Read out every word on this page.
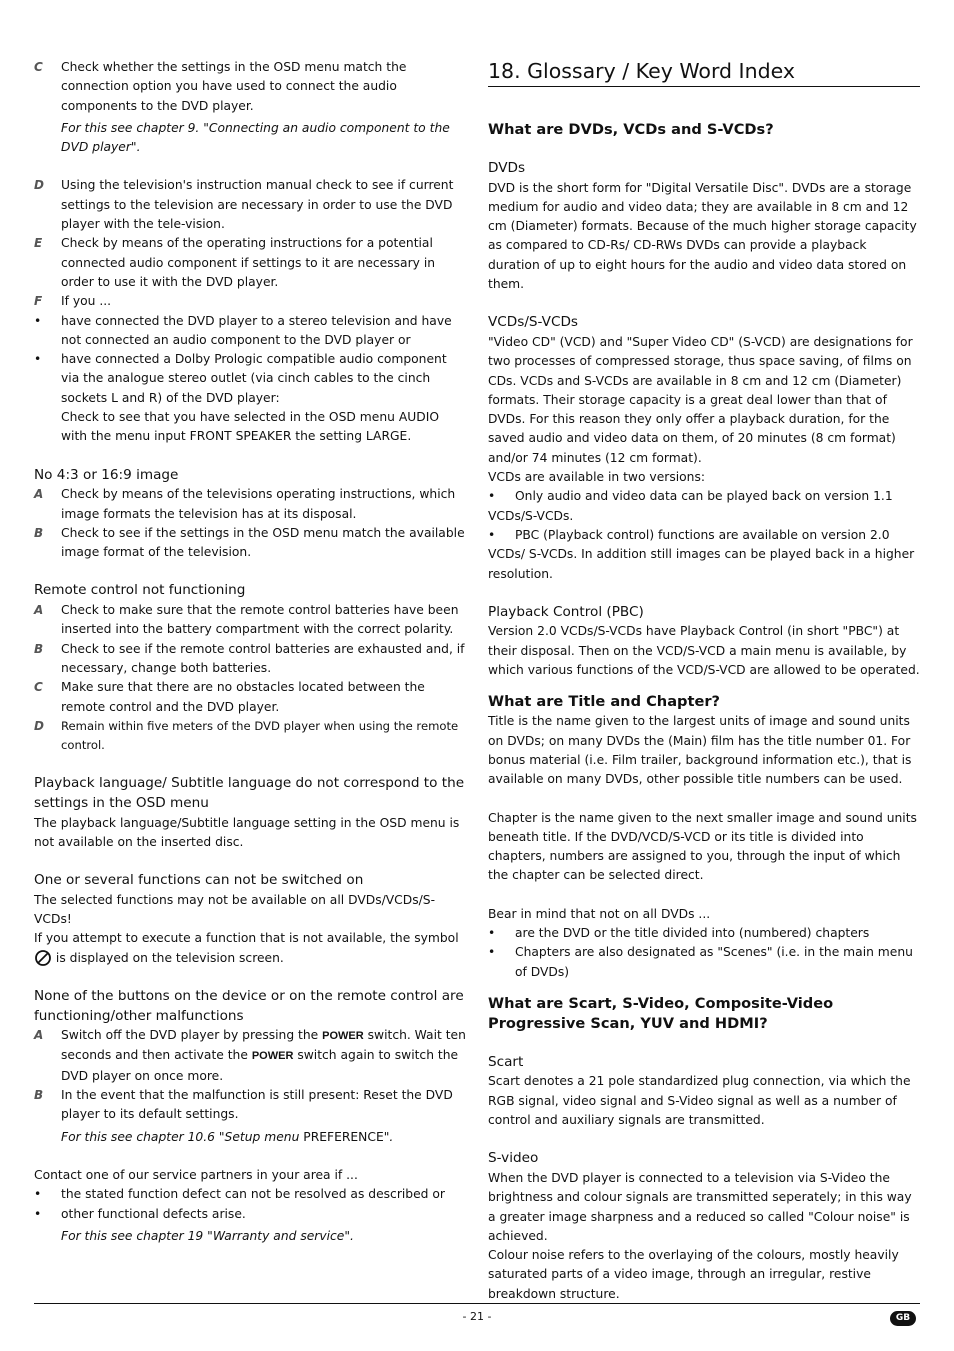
C	Check whether the settings in the OSD menu match the connection option you have used to connect the audio components to the DVD player.
For this see chapter 9. "Connecting an audio component to the DVD player".
D	Using the television's instruction manual check to see if current settings to the television are necessary in order to use the DVD player with the tele-vision.
E	Check by means of the operating instructions for a potential connected audio component if settings to it are necessary in order to use it with the DVD player.
F	If you ...
•	have connected the DVD player to a stereo television and have not connected an audio component to the DVD player or
•	have connected a Dolby Prologic compatible audio component via the analogue stereo outlet (via cinch cables to the cinch sockets L and R) of the DVD player:
Check to see that you have selected in the OSD menu AUDIO with the menu input FRONT SPEAKER the setting LARGE.
No 4:3 or 16:9 image
A	Check by means of the televisions operating instructions, which image formats the television has at its disposal.
B	Check to see if the settings in the OSD menu match the available image format of the television.
Remote control not functioning
A	Check to make sure that the remote control batteries have been inserted into the battery compartment with the correct polarity.
B	Check to see if the remote control batteries are exhausted and, if necessary, change both batteries.
C	Make sure that there are no obstacles located between the remote control and the DVD player.
D	Remain within five meters of the DVD player when using the remote control.
Playback language/ Subtitle language do not correspond to the settings in the OSD menu
The playback language/Subtitle language setting in the OSD menu is not available on the inserted disc.
One or several functions can not be switched on
The selected functions may not be available on all DVDs/VCDs/S-VCDs!
If you attempt to execute a function that is not available, the symbol  is displayed on the television screen.
None of the buttons on the device or on the remote control are functioning/other malfunctions
A	Switch off the DVD player by pressing the POWER switch. Wait ten seconds and then activate the POWER switch again to switch the DVD player on once more.
B	In the event that the malfunction is still present: Reset the DVD player to its default settings.
For this see chapter 10.6 "Setup menu PREFERENCE".
Contact one of our service partners in your area if ...
•	the stated function defect can not be resolved as described or
•	other functional defects arise.
For this see chapter 19 "Warranty and service".
18. Glossary / Key Word Index
What are DVDs, VCDs and S-VCDs?
DVDs
DVD is the short form for "Digital Versatile Disc". DVDs are a storage medium for audio and video data; they are available in 8 cm and 12 cm (Diameter) formats. Because of the much higher storage capacity as compared to CD-Rs/ CD-RWs DVDs can provide a playback duration of up to eight hours for the audio and video data stored on them.
VCDs/S-VCDs
"Video CD" (VCD) and "Super Video CD" (S-VCD) are designations for two processes of compressed storage, thus space saving, of films on CDs. VCDs and S-VCDs are available in 8 cm and 12 cm (Diameter) formats. Their storage capacity is a great deal lower than that of DVDs. For this reason they only offer a playback duration, for the saved audio and video data on them, of 20 minutes (8 cm format) and/or 74 minutes (12 cm format).
VCDs are available in two versions:
• Only audio and video data can be played back on version 1.1 VCDs/S-VCDs.
• PBC (Playback control) functions are available on version 2.0 VCDs/ S-VCDs. In addition still images can be played back in a higher resolution.
Playback Control (PBC)
Version 2.0 VCDs/S-VCDs have Playback Control (in short "PBC") at their disposal. Then on the VCD/S-VCD a main menu is available, by which various functions of the VCD/S-VCD are allowed to be operated.
What are Title and Chapter?
Title is the name given to the largest units of image and sound units on DVDs; on many DVDs the (Main) film has the title number 01. For bonus material (i.e. Film trailer, background information etc.), that is available on many DVDs, other possible title numbers can be used.
Chapter is the name given to the next smaller image and sound units beneath title. If the DVD/VCD/S-VCD or its title is divided into chapters, numbers are assigned to you, through the input of which the chapter can be selected direct.
Bear in mind that not on all DVDs ...
•	are the DVD or the title divided into (numbered) chapters
•	Chapters are also designated as "Scenes" (i.e. in the main menu of DVDs)
What are Scart, S-Video, Composite-Video Progressive Scan, YUV and HDMI?
Scart
Scart denotes a 21 pole standardized plug connection, via which the RGB signal, video signal and S-Video signal as well as a number of control and auxiliary signals are transmitted.
S-video
When the DVD player is connected to a television via S-Video the brightness and colour signals are transmitted seperately; in this way a greater image sharpness and a reduced so called "Colour noise" is achieved.
Colour noise refers to the overlaying of the colours, mostly heavily saturated parts of a video image, through an irregular, restive breakdown structure.
- 21 -	GB
